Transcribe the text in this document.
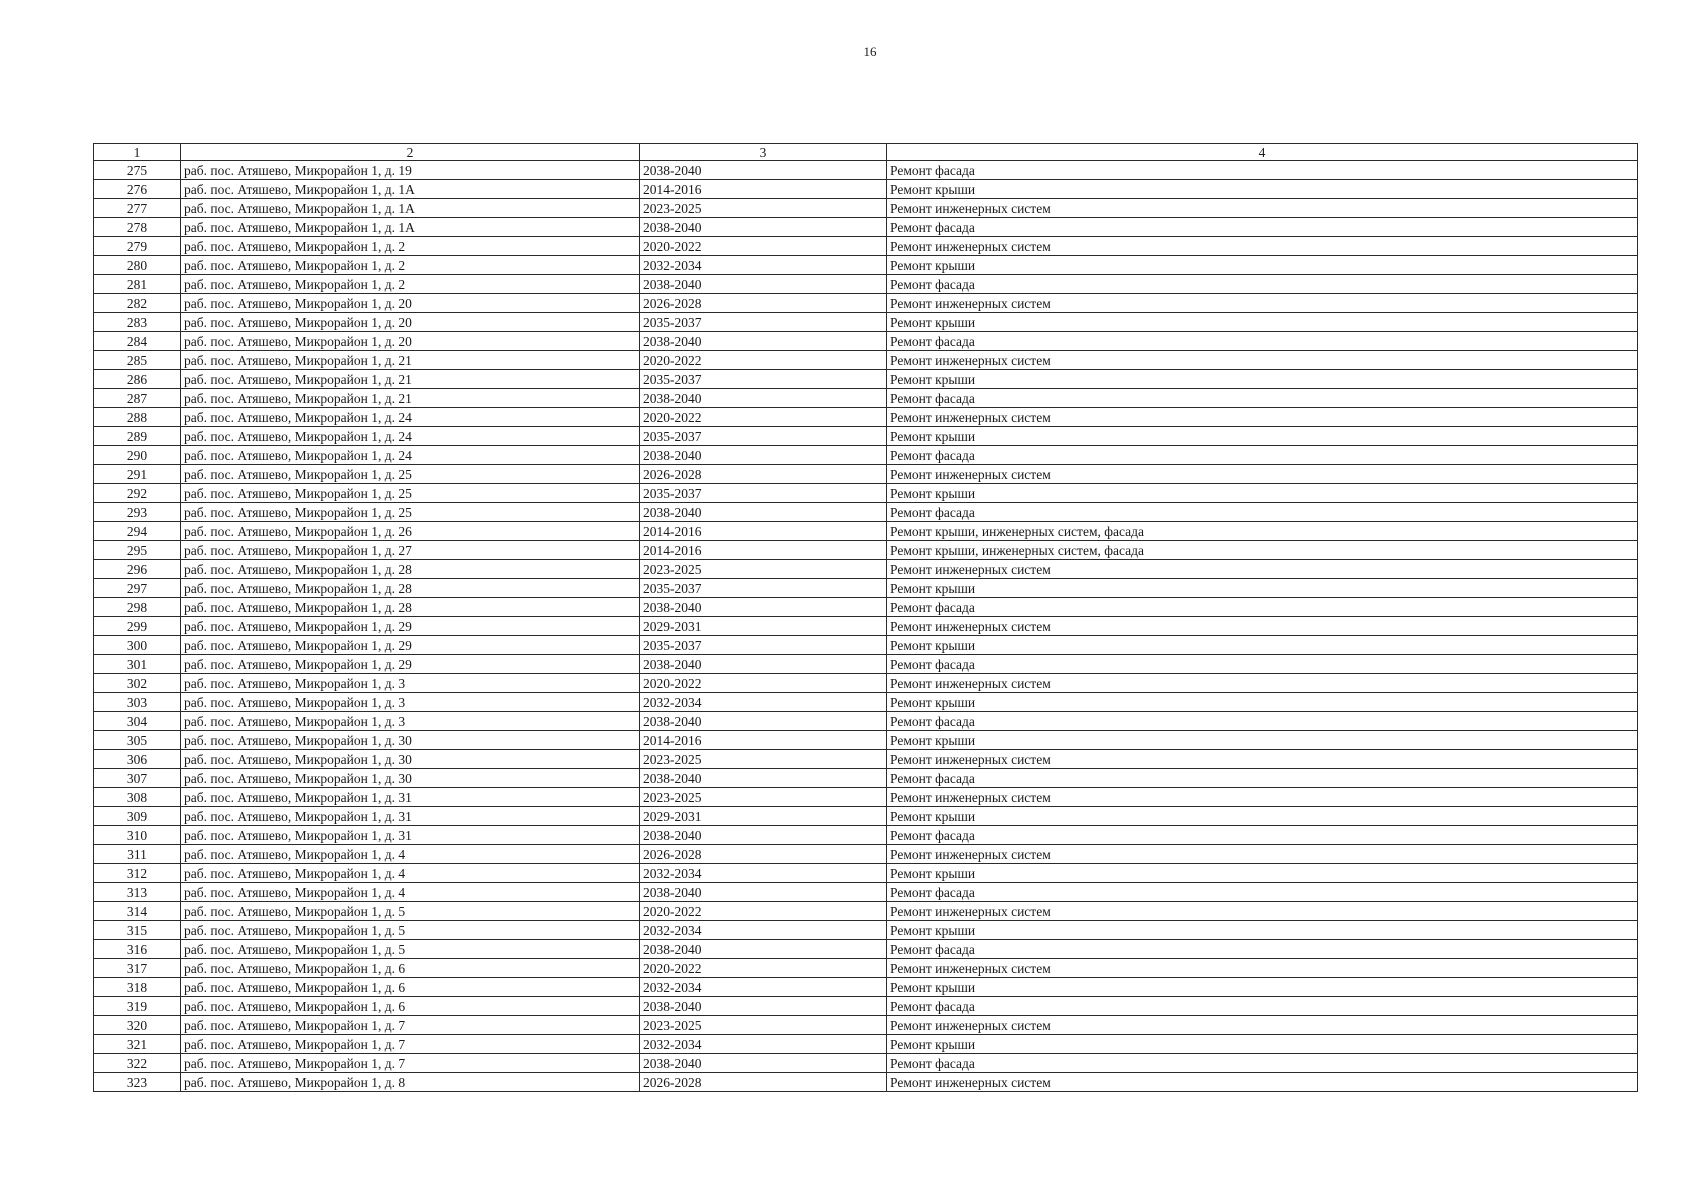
16
1	2	3	4
275	раб. пос. Атяшево, Микрорайон 1, д. 19	2038-2040	Ремонт фасада
276	раб. пос. Атяшево, Микрорайон 1, д. 1А	2014-2016	Ремонт крыши
277	раб. пос. Атяшево, Микрорайон 1, д. 1А	2023-2025	Ремонт инженерных систем
278	раб. пос. Атяшево, Микрорайон 1, д. 1А	2038-2040	Ремонт фасада
279	раб. пос. Атяшево, Микрорайон 1, д. 2	2020-2022	Ремонт инженерных систем
280	раб. пос. Атяшево, Микрорайон 1, д. 2	2032-2034	Ремонт крыши
281	раб. пос. Атяшево, Микрорайон 1, д. 2	2038-2040	Ремонт фасада
282	раб. пос. Атяшево, Микрорайон 1, д. 20	2026-2028	Ремонт инженерных систем
283	раб. пос. Атяшево, Микрорайон 1, д. 20	2035-2037	Ремонт крыши
284	раб. пос. Атяшево, Микрорайон 1, д. 20	2038-2040	Ремонт фасада
285	раб. пос. Атяшево, Микрорайон 1, д. 21	2020-2022	Ремонт инженерных систем
286	раб. пос. Атяшево, Микрорайон 1, д. 21	2035-2037	Ремонт крыши
287	раб. пос. Атяшево, Микрорайон 1, д. 21	2038-2040	Ремонт фасада
288	раб. пос. Атяшево, Микрорайон 1, д. 24	2020-2022	Ремонт инженерных систем
289	раб. пос. Атяшево, Микрорайон 1, д. 24	2035-2037	Ремонт крыши
290	раб. пос. Атяшево, Микрорайон 1, д. 24	2038-2040	Ремонт фасада
291	раб. пос. Атяшево, Микрорайон 1, д. 25	2026-2028	Ремонт инженерных систем
292	раб. пос. Атяшево, Микрорайон 1, д. 25	2035-2037	Ремонт крыши
293	раб. пос. Атяшево, Микрорайон 1, д. 25	2038-2040	Ремонт фасада
294	раб. пос. Атяшево, Микрорайон 1, д. 26	2014-2016	Ремонт крыши, инженерных систем, фасада
295	раб. пос. Атяшево, Микрорайон 1, д. 27	2014-2016	Ремонт крыши, инженерных систем, фасада
296	раб. пос. Атяшево, Микрорайон 1, д. 28	2023-2025	Ремонт инженерных систем
297	раб. пос. Атяшево, Микрорайон 1, д. 28	2035-2037	Ремонт крыши
298	раб. пос. Атяшево, Микрорайон 1, д. 28	2038-2040	Ремонт фасада
299	раб. пос. Атяшево, Микрорайон 1, д. 29	2029-2031	Ремонт инженерных систем
300	раб. пос. Атяшево, Микрорайон 1, д. 29	2035-2037	Ремонт крыши
301	раб. пос. Атяшево, Микрорайон 1, д. 29	2038-2040	Ремонт фасада
302	раб. пос. Атяшево, Микрорайон 1, д. 3	2020-2022	Ремонт инженерных систем
303	раб. пос. Атяшево, Микрорайон 1, д. 3	2032-2034	Ремонт крыши
304	раб. пос. Атяшево, Микрорайон 1, д. 3	2038-2040	Ремонт фасада
305	раб. пос. Атяшево, Микрорайон 1, д. 30	2014-2016	Ремонт крыши
306	раб. пос. Атяшево, Микрорайон 1, д. 30	2023-2025	Ремонт инженерных систем
307	раб. пос. Атяшево, Микрорайон 1, д. 30	2038-2040	Ремонт фасада
308	раб. пос. Атяшево, Микрорайон 1, д. 31	2023-2025	Ремонт инженерных систем
309	раб. пос. Атяшево, Микрорайон 1, д. 31	2029-2031	Ремонт крыши
310	раб. пос. Атяшево, Микрорайон 1, д. 31	2038-2040	Ремонт фасада
311	раб. пос. Атяшево, Микрорайон 1, д. 4	2026-2028	Ремонт инженерных систем
312	раб. пос. Атяшево, Микрорайон 1, д. 4	2032-2034	Ремонт крыши
313	раб. пос. Атяшево, Микрорайон 1, д. 4	2038-2040	Ремонт фасада
314	раб. пос. Атяшево, Микрорайон 1, д. 5	2020-2022	Ремонт инженерных систем
315	раб. пос. Атяшево, Микрорайон 1, д. 5	2032-2034	Ремонт крыши
316	раб. пос. Атяшево, Микрорайон 1, д. 5	2038-2040	Ремонт фасада
317	раб. пос. Атяшево, Микрорайон 1, д. 6	2020-2022	Ремонт инженерных систем
318	раб. пос. Атяшево, Микрорайон 1, д. 6	2032-2034	Ремонт крыши
319	раб. пос. Атяшево, Микрорайон 1, д. 6	2038-2040	Ремонт фасада
320	раб. пос. Атяшево, Микрорайон 1, д. 7	2023-2025	Ремонт инженерных систем
321	раб. пос. Атяшево, Микрорайон 1, д. 7	2032-2034	Ремонт крыши
322	раб. пос. Атяшево, Микрорайон 1, д. 7	2038-2040	Ремонт фасада
323	раб. пос. Атяшево, Микрорайон 1, д. 8	2026-2028	Ремонт инженерных систем
